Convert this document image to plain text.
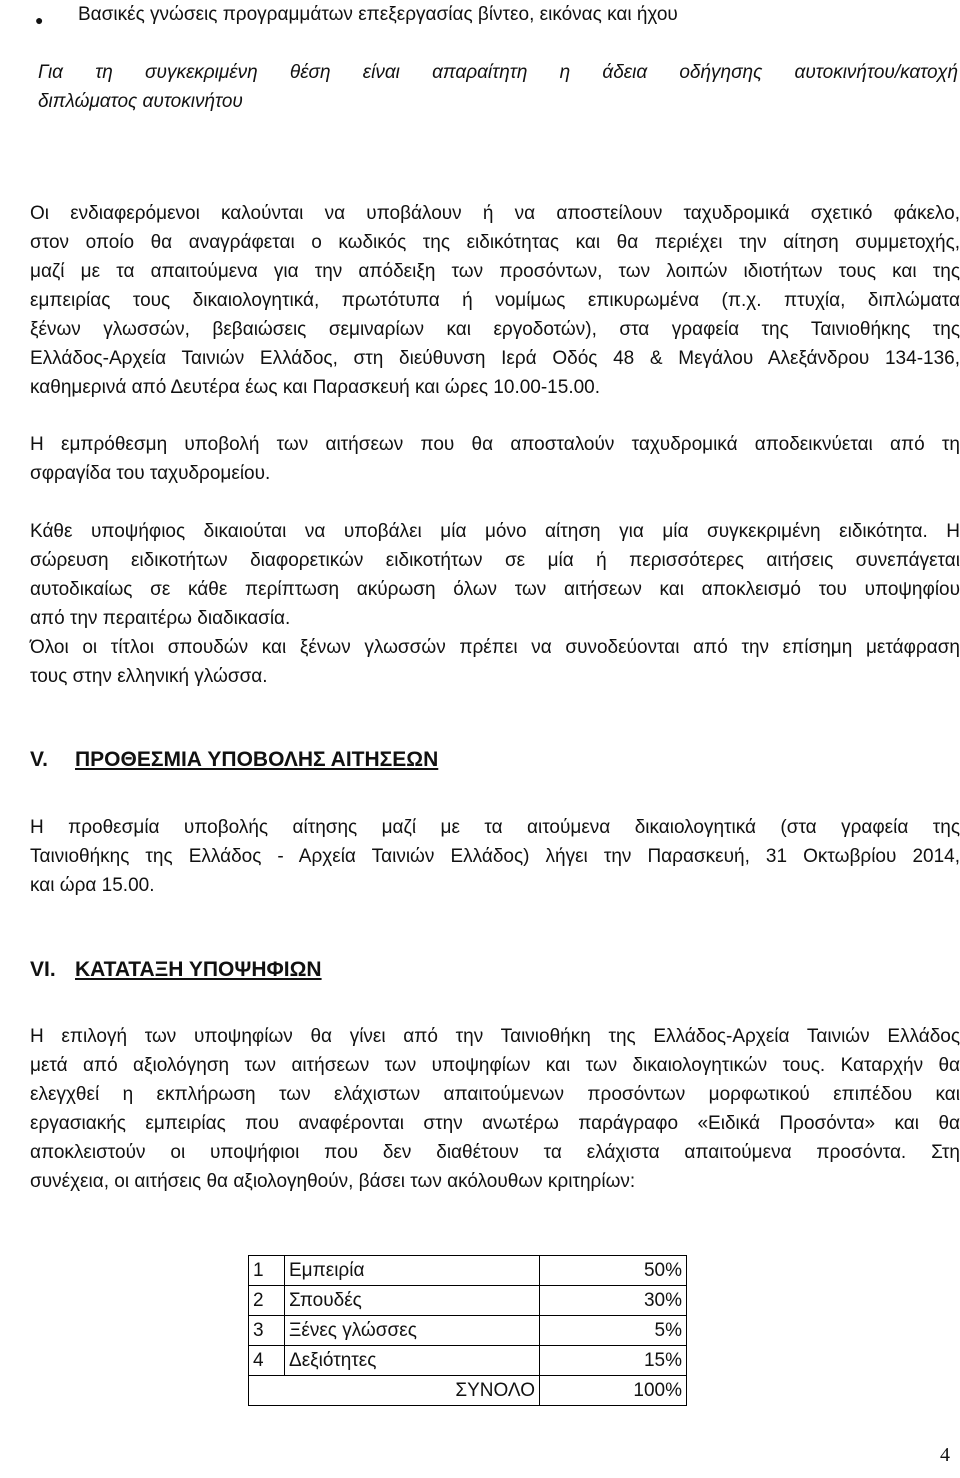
● Βασικές γνώσεις προγραμμάτων επεξεργασίας βίντεο, εικόνας και ήχου
Για τη συγκεκριμένη θέση είναι απαραίτητη η άδεια οδήγησης αυτοκινήτου/κατοχή
διπλώματος αυτοκινήτου
Οι ενδιαφερόμενοι καλούνται να υποβάλουν ή να αποστείλουν ταχυδρομικά σχετικό φάκελο,
στον οποίο θα αναγράφεται ο κωδικός της ειδικότητας και θα περιέχει την αίτηση συμμετοχής,
μαζί με τα απαιτούμενα για την απόδειξη των προσόντων, των λοιπών ιδιοτήτων τους και της
εμπειρίας τους δικαιολογητικά, πρωτότυπα ή νομίμως επικυρωμένα (π.χ. πτυχία, διπλώματα
ξένων γλωσσών, βεβαιώσεις σεμιναρίων και εργοδοτών), στα γραφεία της Ταινιοθήκης της
Ελλάδος-Αρχεία Ταινιών Ελλάδος, στη διεύθυνση Ιερά Οδός 48 & Μεγάλου Αλεξάνδρου 134-136,
καθημερινά από Δευτέρα έως και Παρασκευή και ώρες 10.00-15.00.
Η εμπρόθεσμη υποβολή των αιτήσεων που θα αποσταλούν ταχυδρομικά αποδεικνύεται από τη
σφραγίδα του ταχυδρομείου.
Κάθε υποψήφιος δικαιούται να υποβάλει μία μόνο αίτηση για μία συγκεκριμένη ειδικότητα. Η
σώρευση ειδικοτήτων διαφορετικών ειδικοτήτων σε μία ή περισσότερες αιτήσεις συνεπάγεται
αυτοδικαίως σε κάθε περίπτωση ακύρωση όλων των αιτήσεων και αποκλεισμό του υποψηφίου
από την περαιτέρω διαδικασία.
Όλοι οι τίτλοι σπουδών και ξένων γλωσσών πρέπει να συνοδεύονται από την επίσημη μετάφραση
τους στην ελληνική γλώσσα.
V. ΠΡΟΘΕΣΜΙΑ ΥΠΟΒΟΛΗΣ ΑΙΤΗΣΕΩΝ
Η προθεσμία υποβολής αίτησης μαζί με τα αιτούμενα δικαιολογητικά (στα γραφεία της
Ταινιοθήκης της Ελλάδος - Αρχεία Ταινιών Ελλάδος) λήγει την Παρασκευή, 31 Οκτωβρίου 2014,
και ώρα 15.00.
VI. ΚΑΤΑΤΑΞΗ ΥΠΟΨΗΦΙΩΝ
Η επιλογή των υποψηφίων θα γίνει από την Ταινιοθήκη της Ελλάδος-Αρχεία Ταινιών Ελλάδος
μετά από αξιολόγηση των αιτήσεων των υποψηφίων και των δικαιολογητικών τους. Καταρχήν θα
ελεγχθεί η εκπλήρωση των ελάχιστων απαιτούμενων προσόντων μορφωτικού επιπέδου και
εργασιακής εμπειρίας που αναφέρονται στην ανωτέρω παράγραφο «Ειδικά Προσόντα» και θα
αποκλειστούν οι υποψήφιοι που δεν διαθέτουν τα ελάχιστα απαιτούμενα προσόντα. Στη
συνέχεια, οι αιτήσεις θα αξιολογηθούν, βάσει των ακόλουθων κριτηρίων:
1	Εμπειρία	50%
2	Σπουδές	30%
3	Ξένες γλώσσες	5%
4	Δεξιότητες	15%
ΣΥΝΟΛΟ		100%
4
